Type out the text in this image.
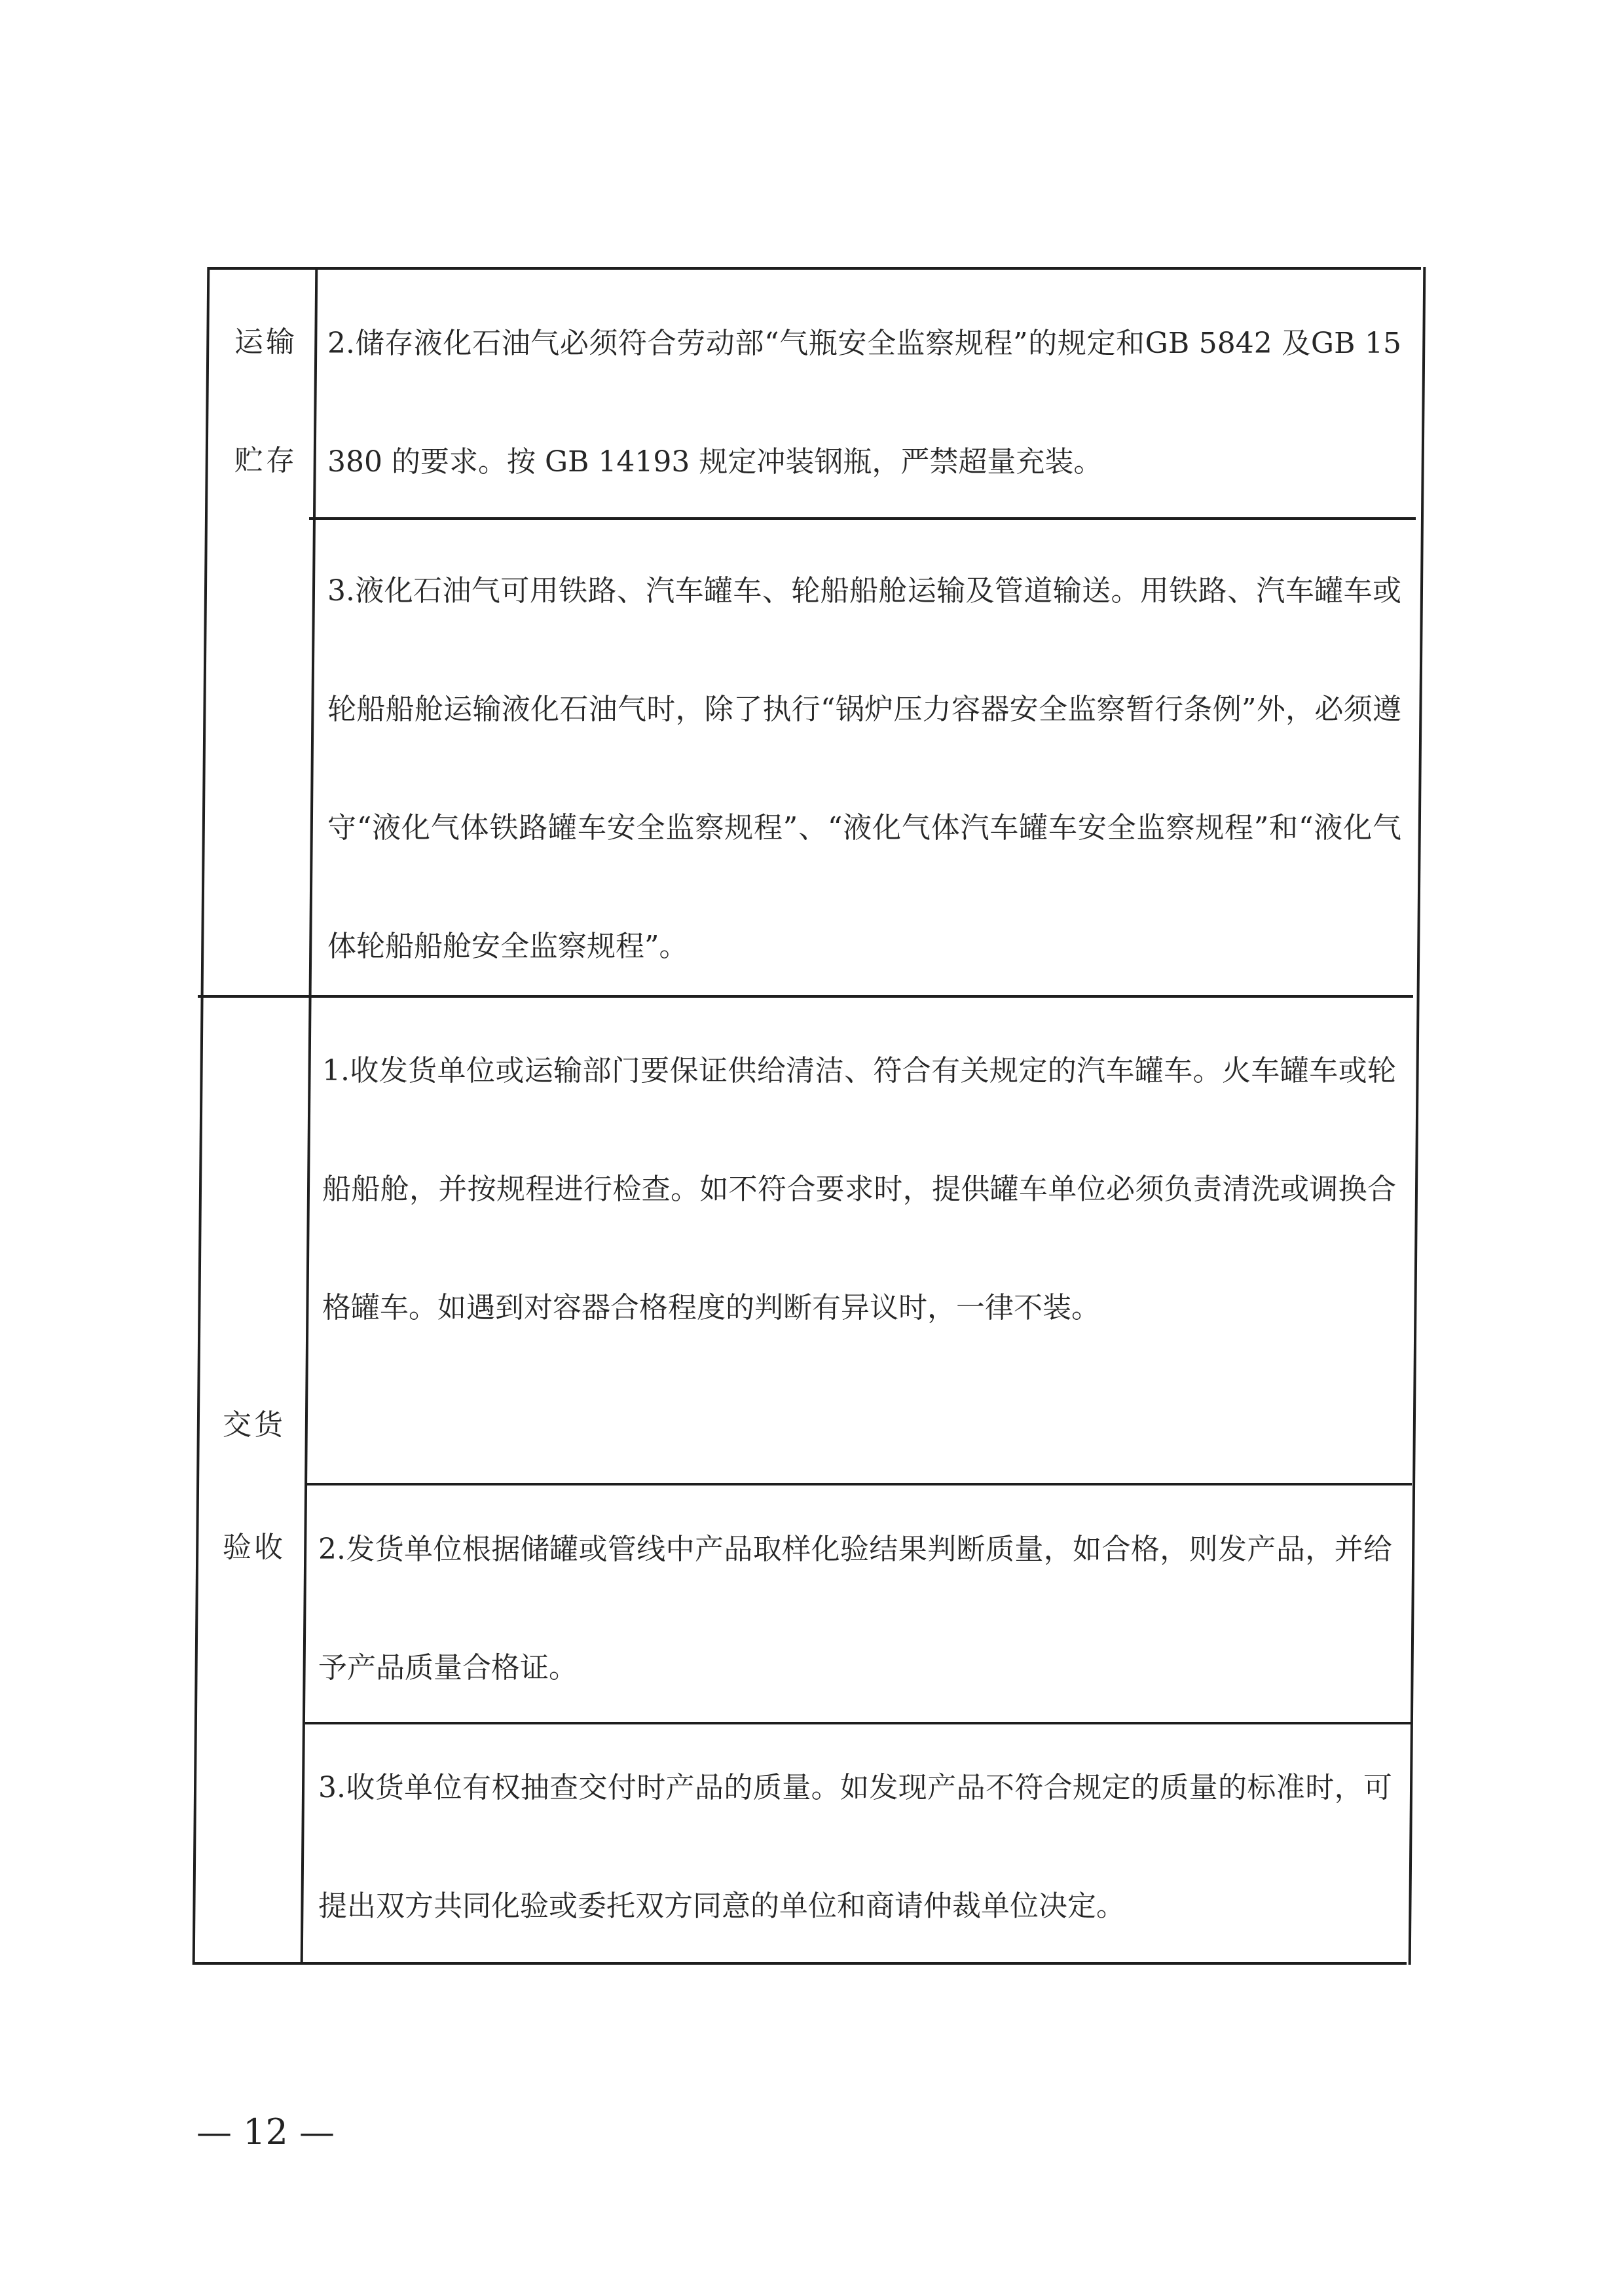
运输
贮存
2.储存液化石油气必须符合劳动部“气瓶安全监察规程”的规定和GB 5842 及GB 15380 的要求。按 GB 14193 规定冲装钢瓶，严禁超量充装。
3.液化石油气可用铁路、汽车罐车、轮船船舱运输及管道输送。用铁路、汽车罐车或轮船船舱运输液化石油气时，除了执行“锅炉压力容器安全监察暂行条例”外，必须遵守“液化气体铁路罐车安全监察规程”、“液化气体汽车罐车安全监察规程”和“液化气体轮船船舱安全监察规程”。
交货
验收
1.收发货单位或运输部门要保证供给清洁、符合有关规定的汽车罐车。火车罐车或轮船船舱，并按规程进行检查。如不符合要求时，提供罐车单位必须负责清洗或调换合格罐车。如遇到对容器合格程度的判断有异议时，一律不装。
2.发货单位根据储罐或管线中产品取样化验结果判断质量，如合格，则发产品，并给予产品质量合格证。
3.收货单位有权抽查交付时产品的质量。如发现产品不符合规定的质量的标准时，可提出双方共同化验或委托双方同意的单位和商请仲裁单位决定。
— 12 —
